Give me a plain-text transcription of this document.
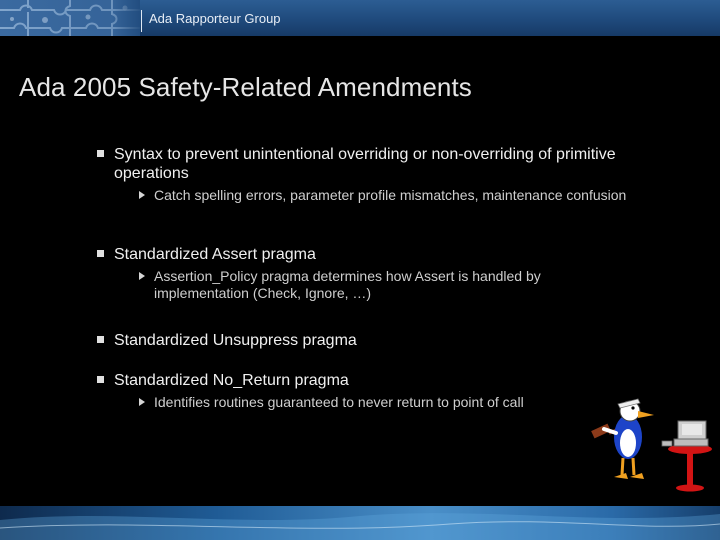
Ada Rapporteur Group
Ada 2005 Safety-Related Amendments
Syntax to prevent unintentional overriding or non-overriding of primitive operations
Catch spelling errors, parameter profile mismatches, maintenance confusion
Standardized Assert pragma
Assertion_Policy pragma determines how Assert is handled by implementation (Check, Ignore, …)
Standardized Unsuppress pragma
Standardized No_Return pragma
Identifies routines guaranteed to never return to point of call
